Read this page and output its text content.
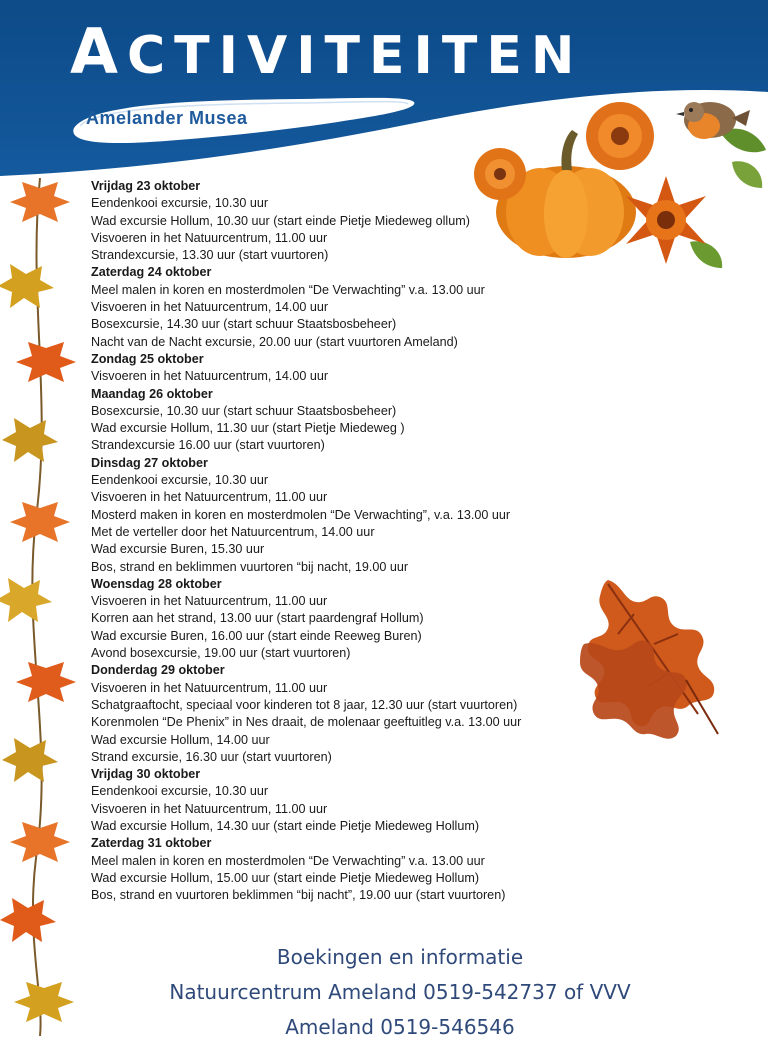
ACTIVITEITEN
Amelander Musea
Vrijdag 23 oktober
Eendenkooi excursie, 10.30 uur
Wad excursie Hollum, 10.30 uur (start einde Pietje Miedeweg ollum)
Visvoeren in het Natuurcentrum, 11.00 uur
Strandexcursie, 13.30 uur (start vuurtoren)
Zaterdag 24 oktober
Meel malen in koren en mosterdmolen “De Verwachting” v.a. 13.00 uur
Visvoeren in het Natuurcentrum, 14.00 uur
Bosexcursie, 14.30 uur (start schuur Staatsbosbeheer)
Nacht van de Nacht excursie, 20.00 uur (start vuurtoren Ameland)
Zondag 25 oktober
Visvoeren in het Natuurcentrum, 14.00 uur
Maandag 26 oktober
Bosexcursie, 10.30 uur (start schuur Staatsbosbeheer)
Wad excursie Hollum, 11.30 uur (start Pietje Miedeweg )
Strandexcursie 16.00 uur (start vuurtoren)
Dinsdag 27 oktober
Eendenkooi excursie, 10.30 uur
Visvoeren in het Natuurcentrum, 11.00 uur
Mosterd maken in koren en mosterdmolen “De Verwachting”, v.a. 13.00 uur
Met de verteller door het Natuurcentrum, 14.00 uur
Wad excursie Buren, 15.30 uur
Bos, strand en beklimmen vuurtoren “bij nacht, 19.00 uur
Woensdag 28 oktober
Visvoeren in het Natuurcentrum, 11.00 uur
Korren aan het strand, 13.00 uur (start paardengraf Hollum)
Wad excursie Buren, 16.00 uur (start einde Reeweg Buren)
Avond bosexcursie, 19.00 uur (start vuurtoren)
Donderdag 29 oktober
Visvoeren in het Natuurcentrum, 11.00 uur
Schatgraaftocht, speciaal voor kinderen tot 8 jaar, 12.30 uur (start vuurtoren)
Korenmolen “De Phenix” in Nes draait, de molenaar geeftuitleg v.a. 13.00 uur
Wad excursie Hollum, 14.00 uur
Strand excursie, 16.30 uur (start vuurtoren)
Vrijdag 30 oktober
Eendenkooi excursie, 10.30 uur
Visvoeren in het Natuurcentrum, 11.00 uur
Wad excursie Hollum, 14.30 uur (start einde Pietje Miedeweg Hollum)
Zaterdag 31 oktober
Meel malen in koren en mosterdmolen “De Verwachting” v.a. 13.00 uur
Wad excursie Hollum, 15.00 uur (start einde Pietje Miedeweg Hollum)
Bos, strand en vuurtoren beklimmen “bij nacht”, 19.00 uur (start vuurtoren)
Boekingen en informatie
Natuurcentrum Ameland 0519-542737 of VVV
Ameland 0519-546546
